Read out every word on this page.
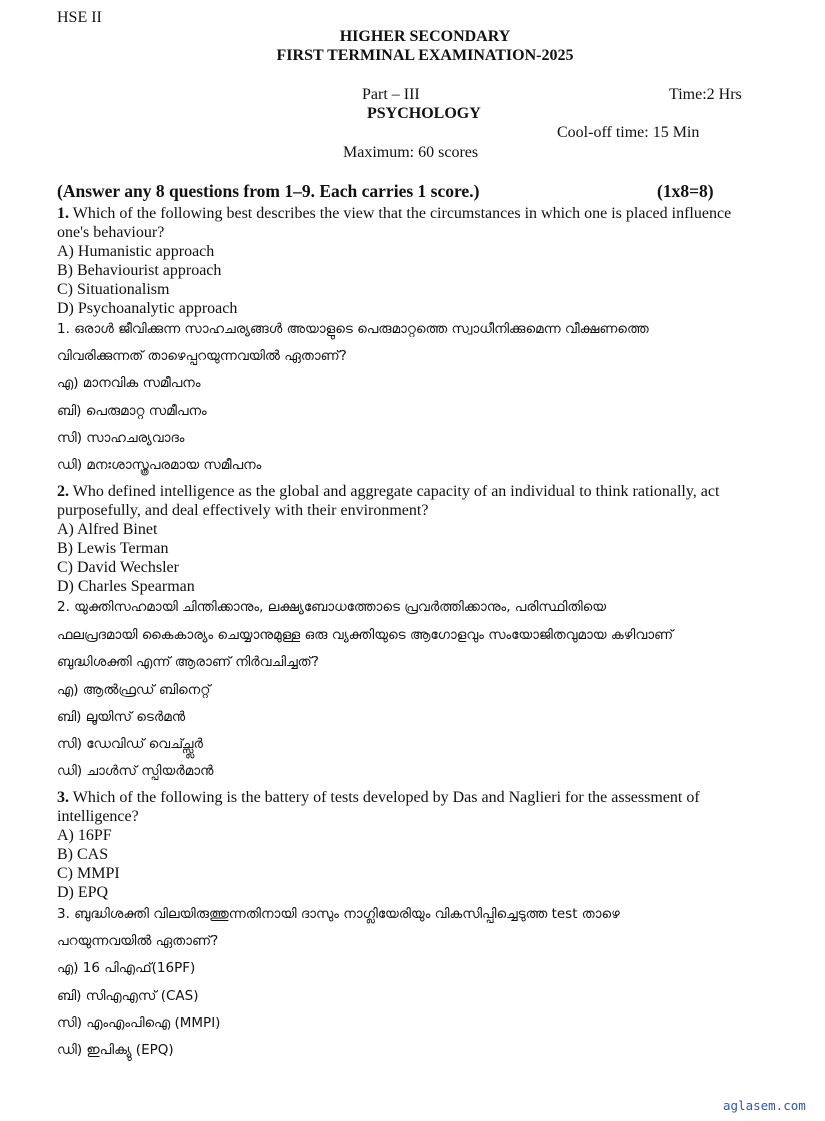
HSE II
HIGHER SECONDARY
FIRST TERMINAL EXAMINATION-2025
Part – III	Time:2 Hrs
PSYCHOLOGY
Cool-off time: 15 Min
Maximum: 60 scores
(Answer any 8 questions from 1–9. Each carries 1 score.)	(1x8=8)

1. Which of the following best describes the view that the circumstances in which one is placed influence one's behaviour?

A) Humanistic approach

B) Behaviourist approach

C) Situationalism

D) Psychoanalytic approach

1. ഒരാൾ ജീവിക്കുന്ന സാഹചര്യങ്ങൾ അയാളുടെ പെരുമാറ്റത്തെ സ്വാധീനിക്കുമെന്ന വീക്ഷണത്തെ
വിവരിക്കുന്നത് താഴെപ്പറയുന്നവയിൽ ഏതാണ്?
എ) മാനവിക സമീപനം
ബി) പെരുമാറ്റ സമീപനം
സി) സാഹചര്യവാദം
ഡി) മനഃശാസ്ത്രപരമായ സമീപനം

2. Who defined intelligence as the global and aggregate capacity of an individual to think rationally, act purposefully, and deal effectively with their environment?

A) Alfred Binet

B) Lewis Terman

C) David Wechsler

D) Charles Spearman

2. യുക്തിസഹമായി ചിന്തിക്കാനും, ലക്ഷ്യബോധത്തോടെ പ്രവർത്തിക്കാനും, പരിസ്ഥിതിയെ
ഫലപ്രദമായി കൈകാര്യം ചെയ്യാനുമുള്ള ഒരു വ്യക്തിയുടെ ആഗോളവും സംയോജിതവുമായ കഴിവാണ്
ബുദ്ധിശക്തി എന്ന് ആരാണ് നിർവചിച്ചത്?
എ) ആൽഫ്രഡ് ബിനെറ്റ്
ബി) ലൂയിസ് ടെർമൻ
സി) ഡേവിഡ് വെച്ച്സ്ലർ
ഡി) ചാൾസ് സ്പിയർമാൻ

3. Which of the following is the battery of tests developed by Das and Naglieri for the assessment of intelligence?

A) 16PF

B) CAS

C) MMPI

D) EPQ

3. ബുദ്ധിശക്തി വിലയിരുത്തുന്നതിനായി ദാസും നാഗ്ലിയേരിയും വികസിപ്പിച്ചെടുത്ത test താഴെ
പറയുന്നവയിൽ ഏതാണ്?
എ) 16 പിഎഫ്(16PF)
ബി) സിഎഎസ് (CAS)
സി) എംഎംപിഐ (MMPI)
ഡി) ഇപിക്യു (EPQ)
aglasem.com
